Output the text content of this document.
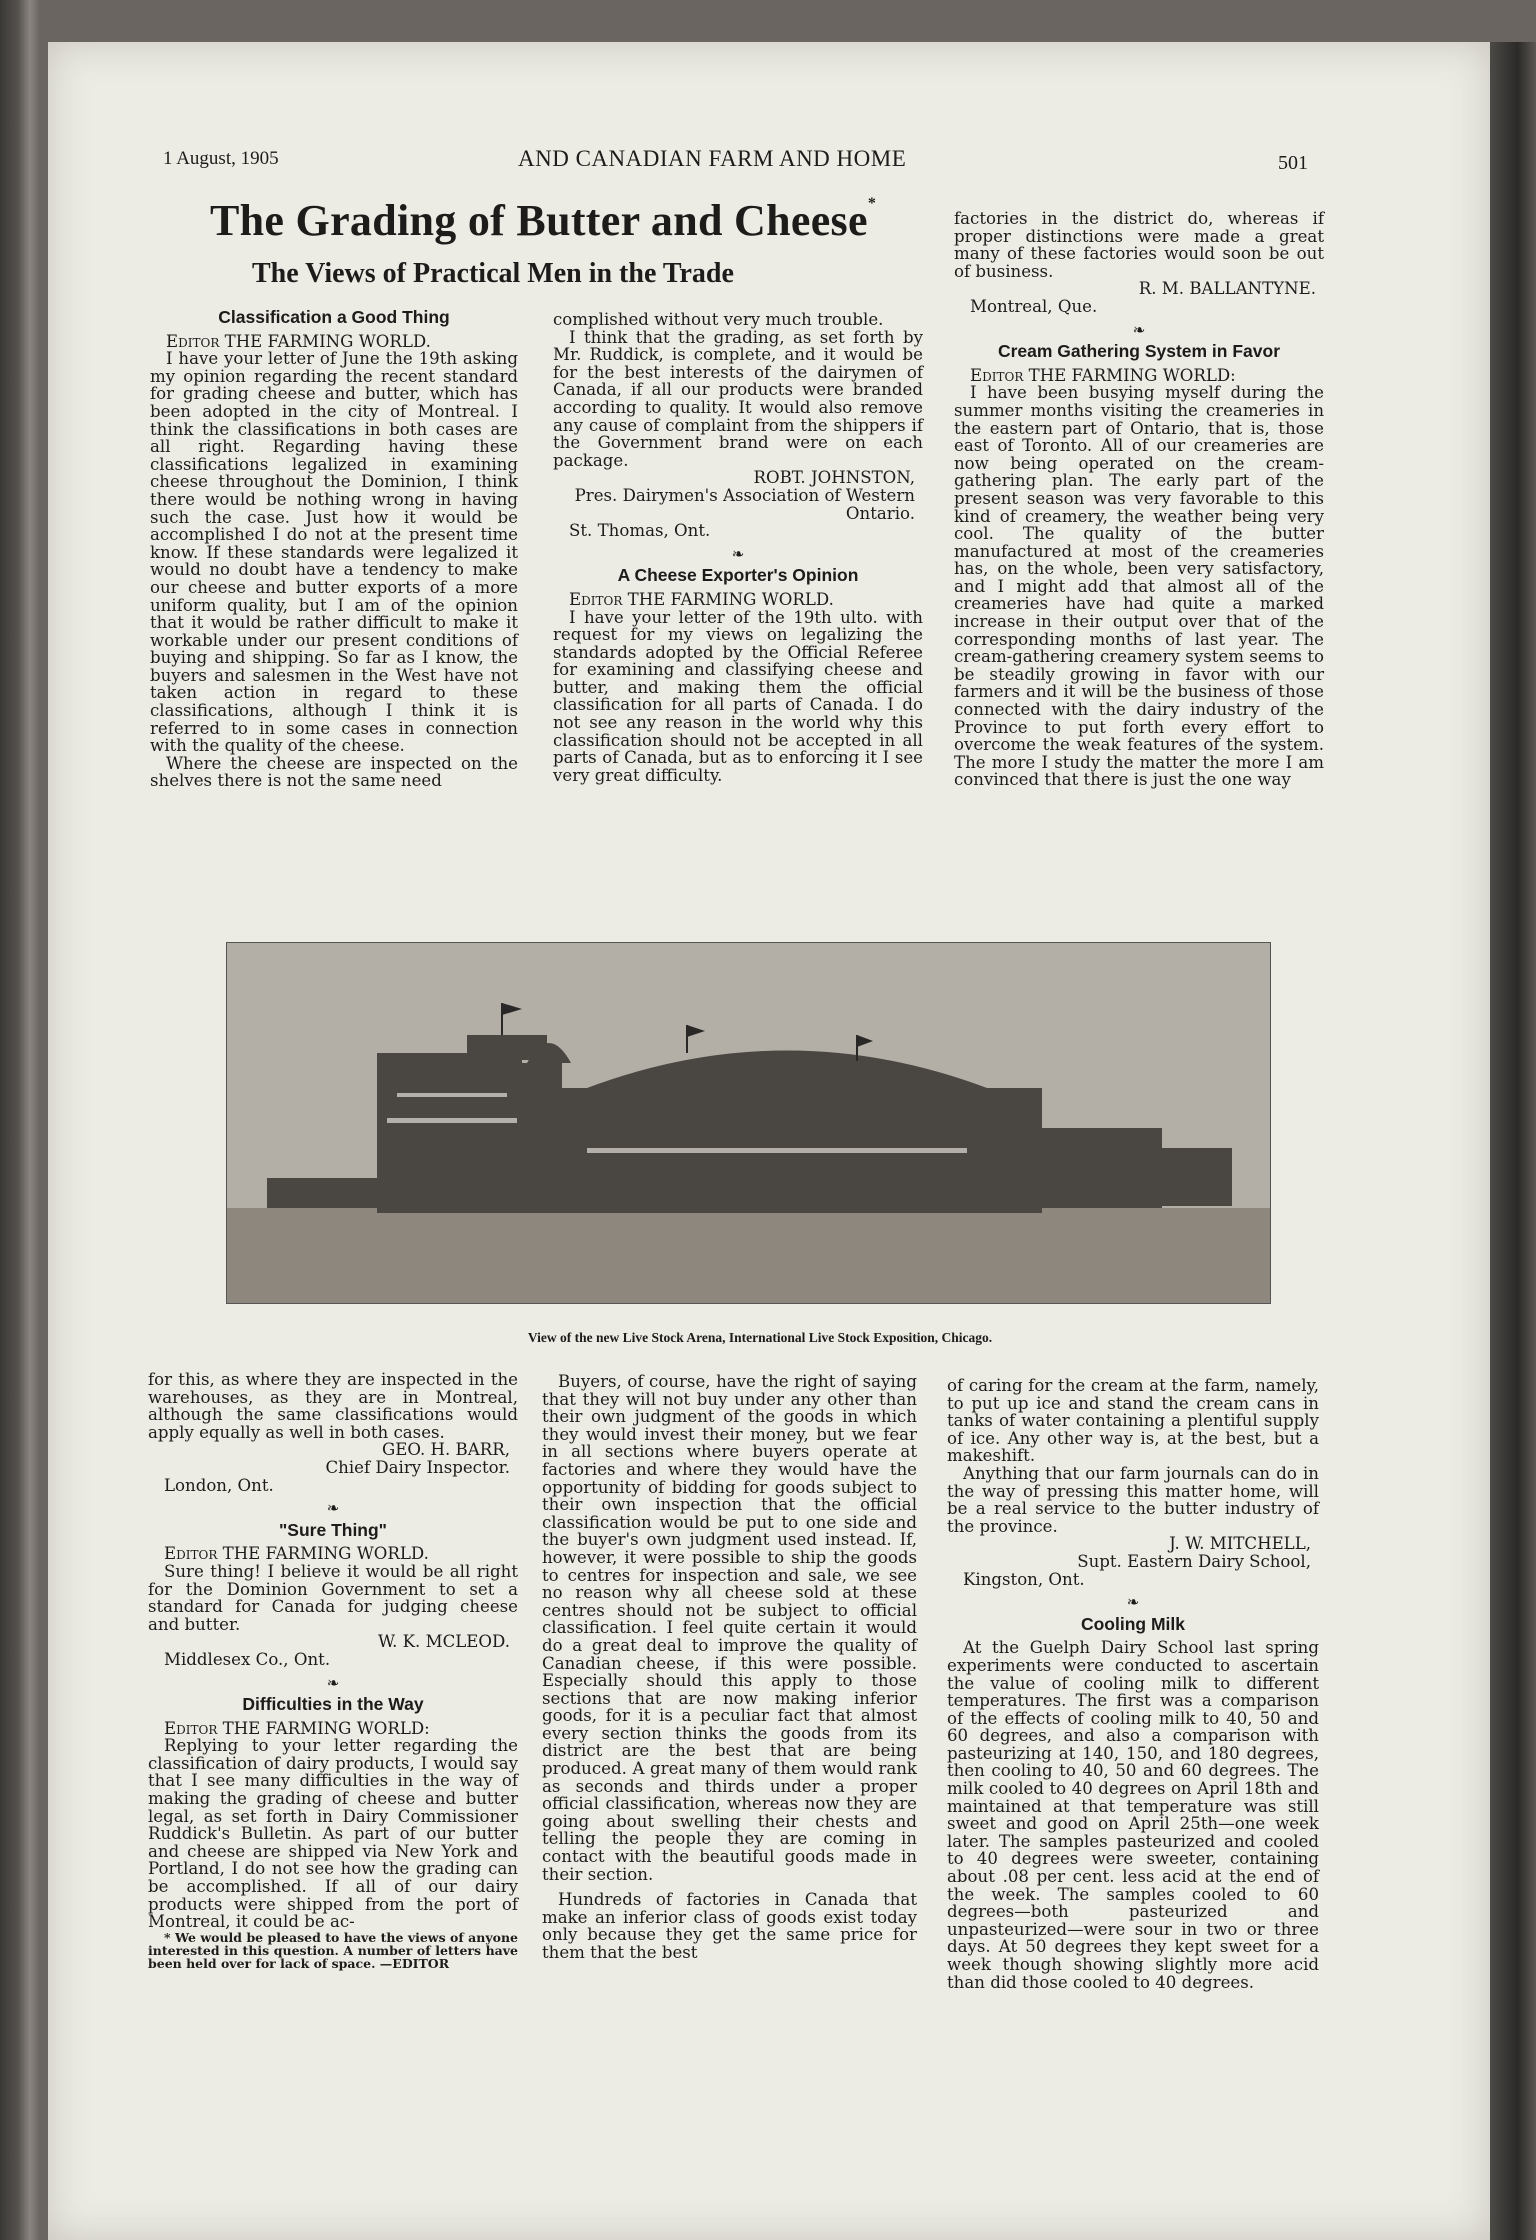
1 August, 1905	AND CANADIAN FARM AND HOME	501
The Grading of Butter and Cheese*
The Views of Practical Men in the Trade
Classification a Good Thing

Editor THE FARMING WORLD.

I have your letter of June the 19th asking my opinion regarding the recent standard for grading cheese and butter, which has been adopted in the city of Montreal. I think the classifications in both cases are all right. Regarding having these classifications legalized in examining cheese throughout the Dominion, I think there would be nothing wrong in having such the case. Just how it would be accomplished I do not at the present time know. If these standards were legalized it would no doubt have a tendency to make our cheese and butter exports of a more uniform quality, but I am of the opinion that it would be rather difficult to make it workable under our present conditions of buying and shipping. So far as I know, the buyers and salesmen in the West have not taken action in regard to these classifications, although I think it is referred to in some cases in connection with the quality of the cheese.

Where the cheese are inspected on the shelves there is not the same need

complished without very much trouble.

I think that the grading, as set forth by Mr. Ruddick, is complete, and it would be for the best interests of the dairymen of Canada, if all our products were branded according to quality. It would also remove any cause of complaint from the shippers if the Government brand were on each package.

ROBT. JOHNSTON,

Pres. Dairymen's Association of Western Ontario.

St. Thomas, Ont.

❧
A Cheese Exporter's Opinion

Editor THE FARMING WORLD.

I have your letter of the 19th ulto. with request for my views on legalizing the standards adopted by the Official Referee for examining and classifying cheese and butter, and making them the official classification for all parts of Canada. I do not see any reason in the world why this classification should not be accepted in all parts of Canada, but as to enforcing it I see very great difficulty.

factories in the district do, whereas if proper distinctions were made a great many of these factories would soon be out of business.

R. M. BALLANTYNE.

Montreal, Que.

❧
Cream Gathering System in Favor

Editor THE FARMING WORLD:

I have been busying myself during the summer months visiting the creameries in the eastern part of Ontario, that is, those east of Toronto. All of our creameries are now being operated on the cream-gathering plan. The early part of the present season was very favorable to this kind of creamery, the weather being very cool. The quality of the butter manufactured at most of the creameries has, on the whole, been very satisfactory, and I might add that almost all of the creameries have had quite a marked increase in their output over that of the corresponding months of last year. The cream-gathering creamery system seems to be steadily growing in favor with our farmers and it will be the business of those connected with the dairy industry of the Province to put forth every effort to overcome the weak features of the system. The more I study the matter the more I am convinced that there is just the one way

View of the new Live Stock Arena, International Live Stock Exposition, Chicago.

for this, as where they are inspected in the warehouses, as they are in Montreal, although the same classifications would apply equally as well in both cases.

GEO. H. BARR,

Chief Dairy Inspector.

London, Ont.

❧
"Sure Thing"

Editor THE FARMING WORLD.

Sure thing! I believe it would be all right for the Dominion Government to set a standard for Canada for judging cheese and butter.

W. K. MCLEOD.

Middlesex Co., Ont.

❧
Difficulties in the Way

Editor THE FARMING WORLD:

Replying to your letter regarding the classification of dairy products, I would say that I see many difficulties in the way of making the grading of cheese and butter legal, as set forth in Dairy Commissioner Ruddick's Bulletin. As part of our butter and cheese are shipped via New York and Portland, I do not see how the grading can be accomplished. If all of our dairy products were shipped from the port of Montreal, it could be ac-

* We would be pleased to have the views of anyone interested in this question. A number of letters have been held over for lack of space. —EDITOR

Buyers, of course, have the right of saying that they will not buy under any other than their own judgment of the goods in which they would invest their money, but we fear in all sections where buyers operate at factories and where they would have the opportunity of bidding for goods subject to their own inspection that the official classification would be put to one side and the buyer's own judgment used instead. If, however, it were possible to ship the goods to centres for inspection and sale, we see no reason why all cheese sold at these centres should not be subject to official classification. I feel quite certain it would do a great deal to improve the quality of Canadian cheese, if this were possible. Especially should this apply to those sections that are now making inferior goods, for it is a peculiar fact that almost every section thinks the goods from its district are the best that are being produced. A great many of them would rank as seconds and thirds under a proper official classification, whereas now they are going about swelling their chests and telling the people they are coming in contact with the beautiful goods made in their section.

Hundreds of factories in Canada that make an inferior class of goods exist today only because they get the same price for them that the best

of caring for the cream at the farm, namely, to put up ice and stand the cream cans in tanks of water containing a plentiful supply of ice. Any other way is, at the best, but a makeshift.

Anything that our farm journals can do in the way of pressing this matter home, will be a real service to the butter industry of the province.

J. W. MITCHELL,

Supt. Eastern Dairy School,

Kingston, Ont.

❧
Cooling Milk

At the Guelph Dairy School last spring experiments were conducted to ascertain the value of cooling milk to different temperatures. The first was a comparison of the effects of cooling milk to 40, 50 and 60 degrees, and also a comparison with pasteurizing at 140, 150, and 180 degrees, then cooling to 40, 50 and 60 degrees. The milk cooled to 40 degrees on April 18th and maintained at that temperature was still sweet and good on April 25th—one week later. The samples pasteurized and cooled to 40 degrees were sweeter, containing about .08 per cent. less acid at the end of the week. The samples cooled to 60 degrees—both pasteurized and unpasteurized—were sour in two or three days. At 50 degrees they kept sweet for a week though showing slightly more acid than did those cooled to 40 degrees.
